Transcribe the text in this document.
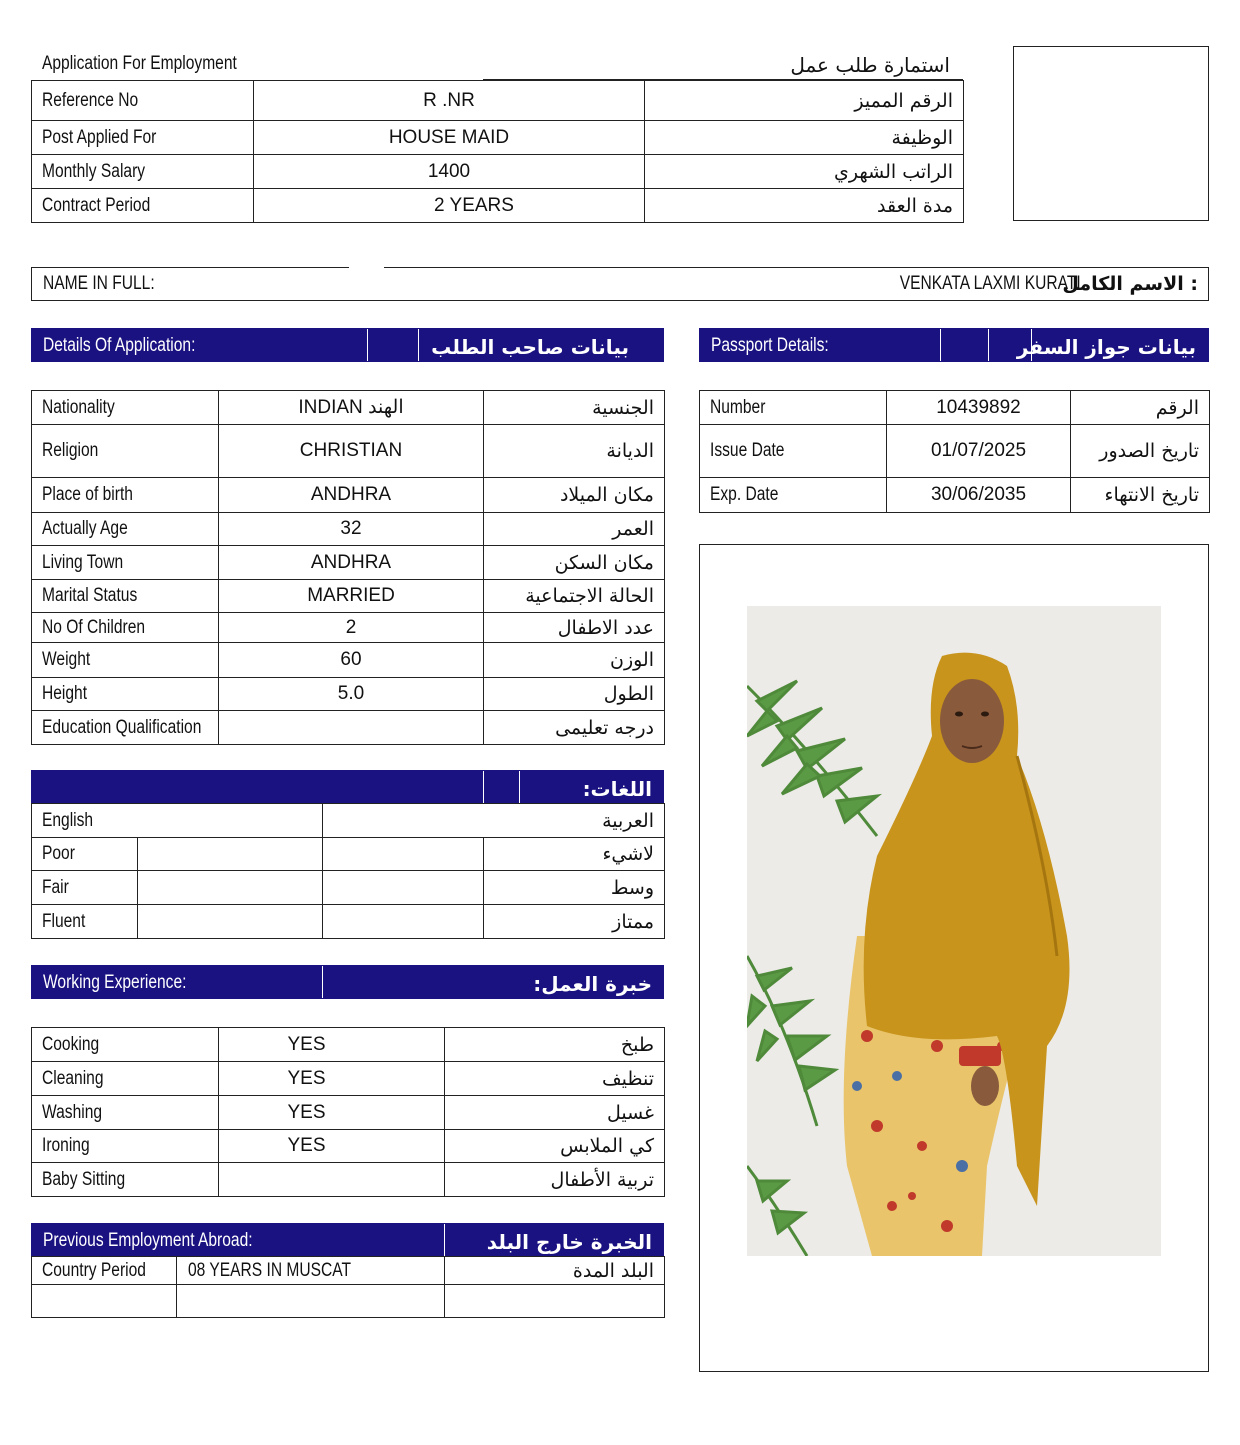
Application For Employment	استمارة طلب عمل
Reference No	R .NR	الرقم المميز
Post Applied For	HOUSE MAID	الوظيفة
Monthly Salary	1400	الراتب الشهري
Contract Period	2 YEARS	مدة العقد
NAME IN FULL:	VENKATA LAXMI KURATI
: الاسم الكامل
Details Of Application:	بيانات صاحب الطلب	Passport Details:	بيانات جواز السفر
Nationality	INDIAN الهند	الجنسية
Religion	CHRISTIAN	الديانة
Place of birth	ANDHRA	مكان الميلاد
Actually Age	32	العمر
Living Town	ANDHRA	مكان السكن
Marital Status	MARRIED	الحالة الاجتماعية
No Of Children	2	عدد الاطفال
Weight	60	الوزن
Height	5.0	الطول
Education Qualification		درجه تعليمى
Number	10439892	الرقم
Issue Date	01/07/2025	تاريخ الصدور
Exp. Date	30/06/2035	تاريخ الانتهاء
اللغات:
English		العربية	
Poor			لاشيء
Fair			وسط
Fluent			ممتاز
Working Experience:	خبرة العمل:
Cooking	YES	طبخ
Cleaning	YES	تنظيف
Washing	YES	غسيل
Ironing	YES	كي الملابس
Baby Sitting		تربية الأطفال
Previous Employment Abroad:	الخبرة خارج البلد
Country Period	08 YEARS IN MUSCAT	البلد المدة
